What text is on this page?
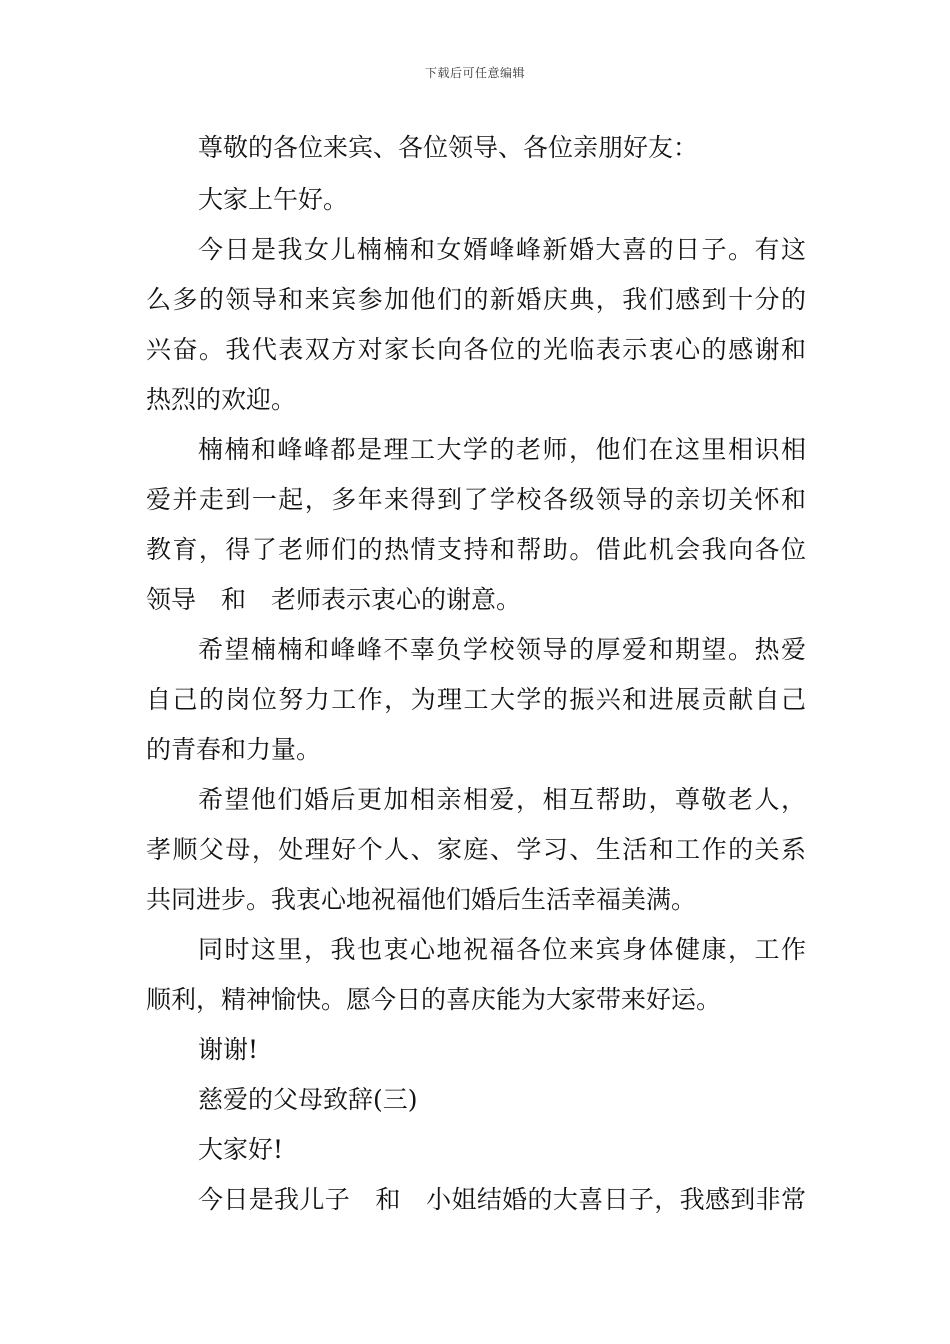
下载后可任意编辑
尊敬的各位来宾、各位领导、各位亲朋好友：
大家上午好。
今日是我女儿楠楠和女婿峰峰新婚大喜的日子。有这
么多的领导和来宾参加他们的新婚庆典，我们感到十分的
兴奋。我代表双方对家长向各位的光临表示衷心的感谢和
热烈的欢迎。
楠楠和峰峰都是理工大学的老师，他们在这里相识相
爱并走到一起，多年来得到了学校各级领导的亲切关怀和
教育，得了老师们的热情支持和帮助。借此机会我向各位
领导　和　老师表示衷心的谢意。
希望楠楠和峰峰不辜负学校领导的厚爱和期望。热爱
自己的岗位努力工作，为理工大学的振兴和进展贡献自己
的青春和力量。
希望他们婚后更加相亲相爱，相互帮助，尊敬老人，
孝顺父母，处理好个人、家庭、学习、生活和工作的关系
共同进步。我衷心地祝福他们婚后生活幸福美满。
同时这里，我也衷心地祝福各位来宾身体健康，工作
顺利，精神愉快。愿今日的喜庆能为大家带来好运。
谢谢!
慈爱的父母致辞(三)
大家好!
今日是我儿子　和　小姐结婚的大喜日子，我感到非常
